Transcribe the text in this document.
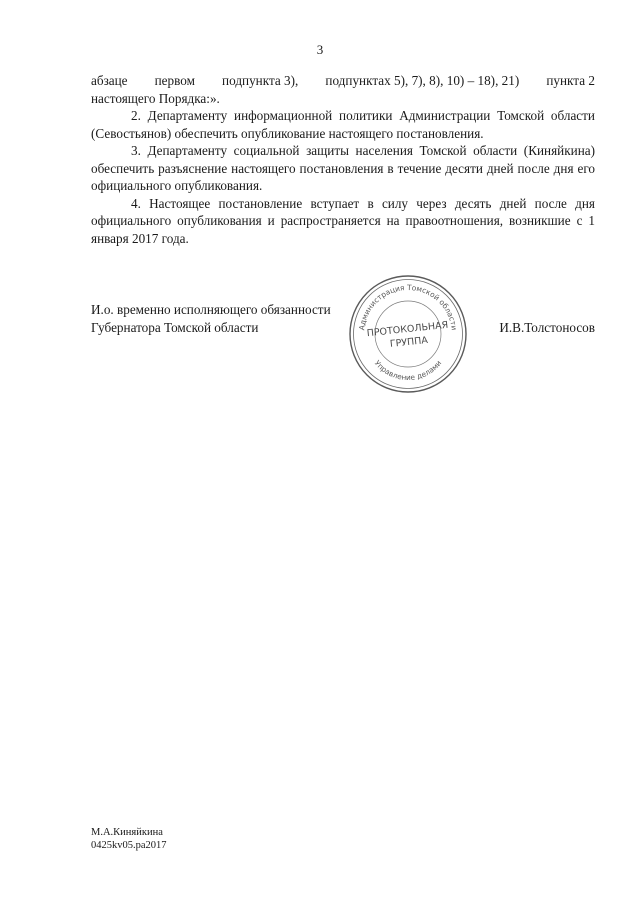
3
абзаце первом подпункта 3), подпунктах 5), 7), 8), 10) – 18), 21) пункта 2
настоящего Порядка:».

2. Департаменту информационной политики Администрации Томской области (Севостьянов) обеспечить опубликование настоящего постановления.

3. Департаменту социальной защиты населения Томской области (Киняйкина) обеспечить разъяснение настоящего постановления в течение десяти дней после дня его официального опубликования.

4. Настоящее постановление вступает в силу через десять дней после дня официального опубликования и распространяется на правоотношения, возникшие с 1 января 2017 года.

И.о. временно исполняющего обязанности
Губернатора Томской области	И.В.Толстоносов
Администрация Томской области
Управление делами
ПРОТОКОЛЬНАЯ
ГРУППА
М.А.Киняйкина
0425kv05.pa2017
